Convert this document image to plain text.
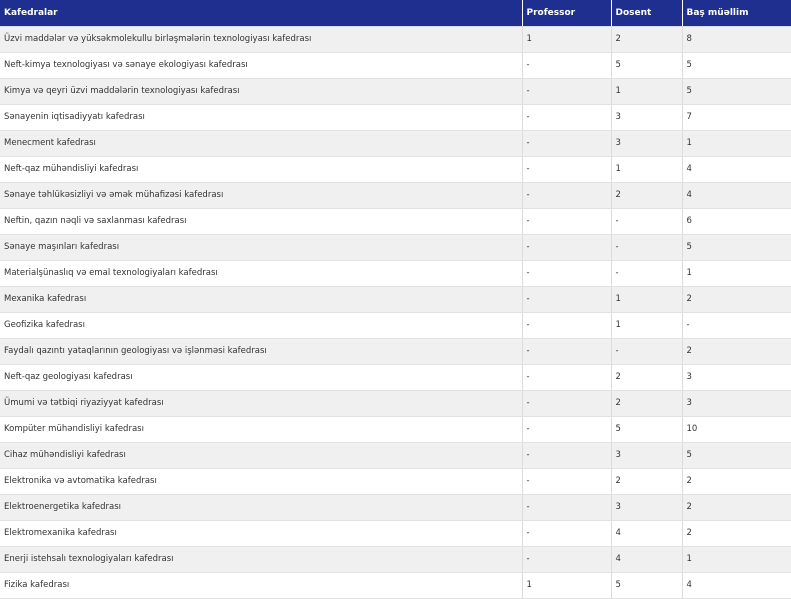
Kafedralar	Professor	Dosent	Baş müəllim
Üzvi maddələr və yüksəkmolekullu birləşmələrin texnologiyası kafedrası	1	2	8
Neft-kimya texnologiyası və sənaye ekologiyası kafedrası	-	5	5
Kimya və qeyri üzvi maddələrin texnologiyası kafedrası	-	1	5
Sənayenin iqtisadiyyatı kafedrası	-	3	7
Menecment kafedrası	-	3	1
Neft-qaz mühəndisliyi kafedrası	-	1	4
Sənaye təhlükəsizliyi və əmək mühafizəsi kafedrası	-	2	4
Neftin, qazın nəqli və saxlanması kafedrası	-	-	6
Sənaye maşınları kafedrası	-	-	5
Materialşünaslıq və emal texnologiyaları kafedrası	-	-	1
Mexanika kafedrası	-	1	2
Geofizika kafedrası	-	1	-
Faydalı qazıntı yataqlarının geologiyası və işlənməsi kafedrası	-	-	2
Neft-qaz geologiyası kafedrası	-	2	3
Ümumi və tətbiqi riyaziyyat kafedrası	-	2	3
Kompüter mühəndisliyi kafedrası	-	5	10
Cihaz mühəndisliyi kafedrası	-	3	5
Elektronika və avtomatika kafedrası	-	2	2
Elektroenergetika kafedrası	-	3	2
Elektromexanika kafedrası	-	4	2
Enerji istehsalı texnologiyaları kafedrası	-	4	1
Fizika kafedrası	1	5	4
